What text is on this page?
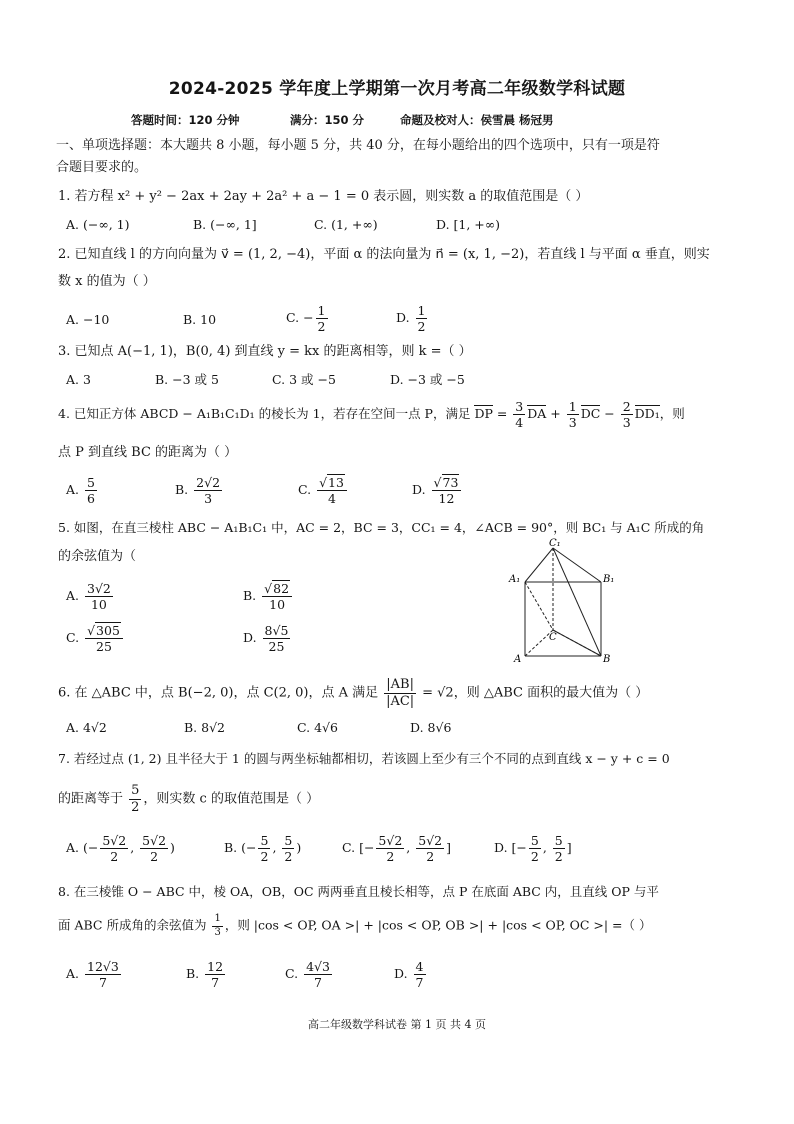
2024-2025 学年度上学期第一次月考高二年级数学科试题
答题时间：120 分钟	满分：150 分	命题及校对人：侯雪晨 杨冠男
一、单项选择题：本大题共 8 小题，每小题 5 分，共 40 分，在每小题给出的四个选项中，只有一项是符
合题目要求的。
1. 若方程 x² + y² − 2ax + 2ay + 2a² + a − 1 = 0 表示圆，则实数 a 的取值范围是（ ）
A. (−∞, 1)	B. (−∞, 1]	C. (1, +∞)	D. [1, +∞)
2. 已知直线 l 的方向向量为 v⃗ = (1, 2, −4)，平面 α 的法向量为 n⃗ = (x, 1, −2)，若直线 l 与平面 α 垂直，则实
数 x 的值为（ ）
A. −10	B. 10	C. − $\frac{1}{2}$	D. $\frac{1}{2}$
3. 已知点 A(−1, 1)，B(0, 4) 到直线 y = kx 的距离相等，则 k =（ ）
A. 3	B. −3 或 5	C. 3 或 −5	D. −3 或 −5
4. 已知正方体 ABCD − A₁B₁C₁D₁ 的棱长为 1，若存在空间一点 P，满足 DP = $\frac{3}{4}$ DA + $\frac{1}{3}$ DC − $\frac{2}{3} DD_1$，则
点 P 到直线 BC 的距离为（ ）
A. $\frac{5}{6}$	B. $\frac{2√2}{3}$	C. $\frac{√13}{4}$	D. $\frac{√73}{12}$
5. 如图，在直三棱柱 ABC − A₁B₁C₁ 中，AC = 2，BC = 3，CC₁ = 4，∠ACB = 90°，则 BC₁ 与 A₁C 所成的角
的余弦值为（
A. $\frac{3√2}{10}$	B. $\frac{√82}{10}$
C. $\frac{√305}{25}$	D. $\frac{8√5}{25}$
C₁
A₁	B₁
C
A	B
6. 在 △ABC 中，点 B(−2, 0)，点 C(2, 0)，点 A 满足 $\frac{|AB|}{|AC|} = √2$，则 △ABC 面积的最大值为（ ）
A. 4√2	B. 8√2	C. 4√6	D. 8√6
7. 若经过点 (1, 2) 且半径大于 1 的圆与两坐标轴都相切，若该圆上至少有三个不同的点到直线 x − y + c = 0
的距离等于 $\frac{5}{2}$ ，则实数 c 的取值范围是（ ）
A. (− $\frac{5√2}{2}$ , $\frac{5√2}{2}$ )	B. (− $\frac{5}{2}$ , $\frac{5}{2}$ )	C. [− $\frac{5√2}{2}$ , $\frac{5√2}{2}$ ]	D. [− $\frac{5}{2}$ , $\frac{5}{2}$ ]
8. 在三棱锥 O − ABC 中，棱 OA，OB，OC 两两垂直且棱长相等，点 P 在底面 ABC 内，且直线 OP 与平
面 ABC 所成角的余弦值为 $\frac{1}{3}$ ，则 |cos < OP, OA >| + |cos < OP, OB >| + |cos < OP, OC >| =（ ）
A. $\frac{12√3}{7}$	B. $\frac{12}{7}$	C. $\frac{4√3}{7}$	D. $\frac{4}{7}$
高二年级数学科试卷 第 1 页 共 4 页
